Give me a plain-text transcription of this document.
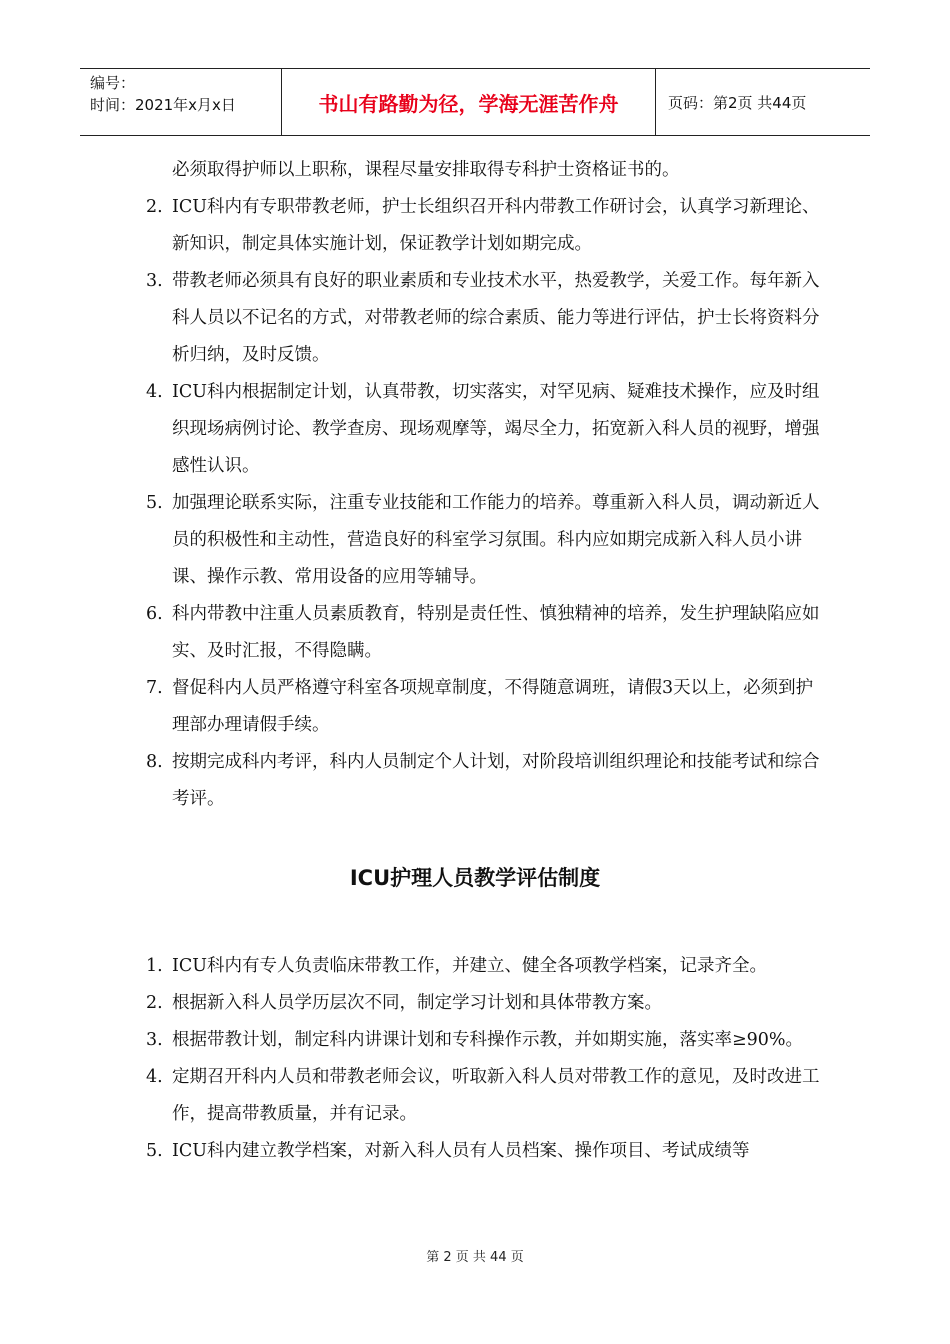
编号：
时间：2021年x月x日	书山有路勤为径，学海无涯苦作舟	页码：第2页 共44页

必须取得护师以上职称，课程尽量安排取得专科护士资格证书的。

2. ICU科内有专职带教老师，护士长组织召开科内带教工作研讨会，认真学习新理论、新知识，制定具体实施计划，保证教学计划如期完成。
3. 带教老师必须具有良好的职业素质和专业技术水平，热爱教学，关爱工作。每年新入科人员以不记名的方式，对带教老师的综合素质、能力等进行评估，护士长将资料分析归纳，及时反馈。
4. ICU科内根据制定计划，认真带教，切实落实，对罕见病、疑难技术操作，应及时组织现场病例讨论、教学查房、现场观摩等，竭尽全力，拓宽新入科人员的视野，增强感性认识。
5. 加强理论联系实际，注重专业技能和工作能力的培养。尊重新入科人员，调动新近人员的积极性和主动性，营造良好的科室学习氛围。科内应如期完成新入科人员小讲课、操作示教、常用设备的应用等辅导。
6. 科内带教中注重人员素质教育，特别是责任性、慎独精神的培养，发生护理缺陷应如实、及时汇报，不得隐瞒。
7. 督促科内人员严格遵守科室各项规章制度，不得随意调班，请假3天以上，必须到护理部办理请假手续。
8. 按期完成科内考评，科内人员制定个人计划，对阶段培训组织理论和技能考试和综合考评。
ICU护理人员教学评估制度
1. ICU科内有专人负责临床带教工作，并建立、健全各项教学档案，记录齐全。
2. 根据新入科人员学历层次不同，制定学习计划和具体带教方案。
3. 根据带教计划，制定科内讲课计划和专科操作示教，并如期实施，落实率≥90%。
4. 定期召开科内人员和带教老师会议，听取新入科人员对带教工作的意见，及时改进工作，提高带教质量，并有记录。
5. ICU科内建立教学档案，对新入科人员有人员档案、操作项目、考试成绩等
第 2 页 共 44 页
